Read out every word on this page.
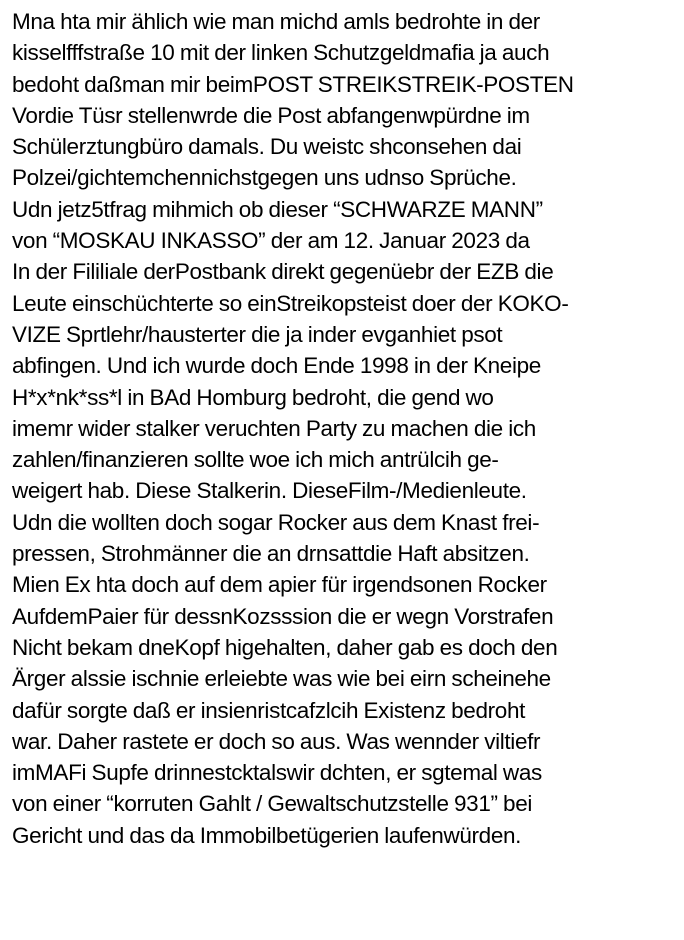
Mna hta mir ählich wie man michd amls bedrohte in der
kisselfffstraße 10 mit der linken Schutzgeldmafia ja auch
bedoht daßman mir beimPOST STREIKSTREIK-POSTEN
Vordie Tüsr stellenwrde die Post abfangenwpürdne im
Schülerztungbüro damals. Du weistc shconsehen dai
Polzei/gichtemchennichstgegen uns udnso Sprüche.
Udn jetz5tfrag mihmich ob dieser “SCHWARZE MANN”
von “MOSKAU INKASSO” der am 12. Januar 2023 da
In der Fililiale derPostbank direkt gegenüebr der EZB die
Leute einschüchterte so einStreikopsteist doer der KOKO-
VIZE Sprtlehr/hausterter die ja inder evganhiet psot
abfingen. Und ich wurde doch Ende 1998 in der Kneipe
H*x*nk*ss*l in BAd Homburg bedroht, die gend wo
imemr wider stalker veruchten Party zu machen die ich
zahlen/finanzieren sollte woe ich mich antrülcih ge-
weigert hab. Diese Stalkerin. DieseFilm-/Medienleute.
Udn die wollten doch sogar Rocker aus dem Knast frei-
pressen, Strohmänner die an drnsattdie Haft absitzen.
Mien Ex hta doch auf dem apier für irgendsonen Rocker
AufdemPaier für dessnKozsssion die er wegn Vorstrafen
Nicht bekam dneKopf higehalten, daher gab es doch den
Ärger alssie ischnie erleiebte was wie bei eirn scheinehe
dafür sorgte daß er insienristcafzlcih Existenz bedroht
war. Daher rastete er doch so aus. Was wennder viltiefr
imMAFi Supfe drinnestcktalswir dchten, er sgtemal was
von einer “korruten Gahlt / Gewaltschutzstelle 931” bei
Gericht und das da Immobilbetügerien laufenwürden.
